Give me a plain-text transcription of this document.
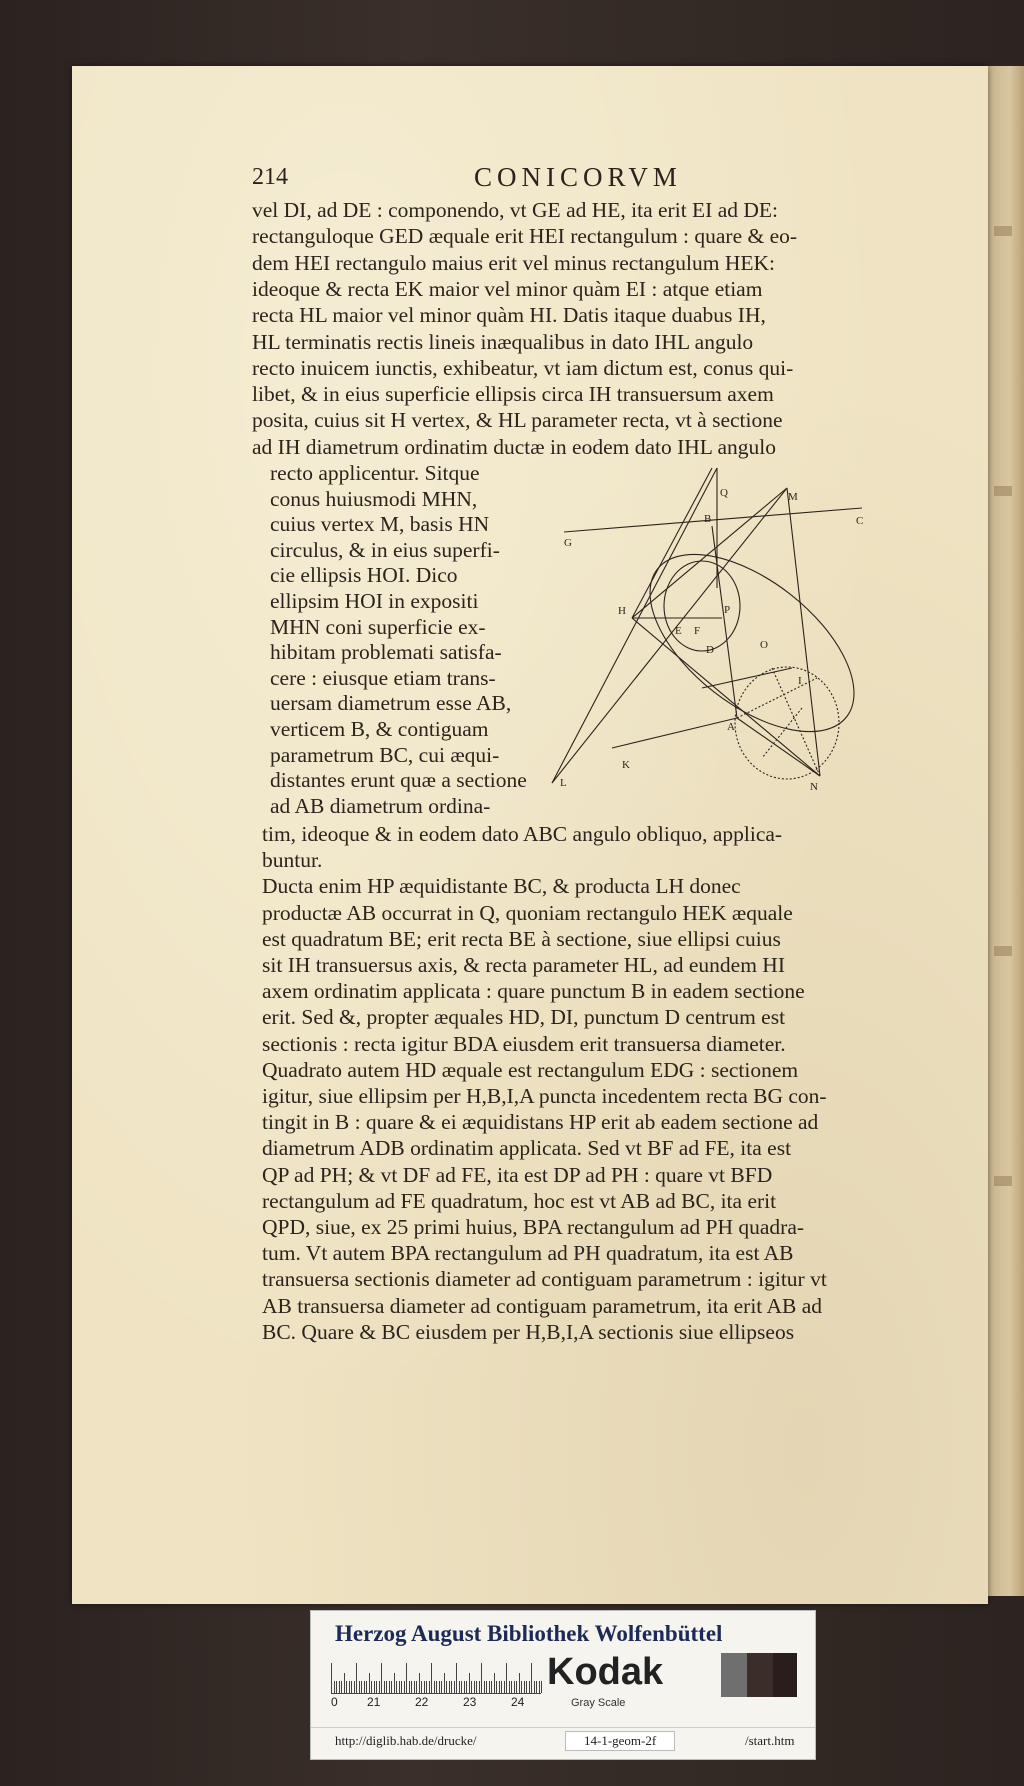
214	CONICORVM
vel DI, ad DE : componendo, vt GE ad HE, ita erit EI ad DE:
rectanguloque GED æquale erit HEI rectangulum : quare & eo-
dem HEI rectangulo maius erit vel minus rectangulum HEK:
ideoque & recta EK maior vel minor quàm EI : atque etiam
recta HL maior vel minor quàm HI. Datis itaque duabus IH,
HL terminatis rectis lineis inæqualibus in dato IHL angulo
recto inuicem iunctis, exhibeatur, vt iam dictum est, conus qui-
libet, & in eius superficie ellipsis circa IH transuersum axem
posita, cuius sit H vertex, & HL parameter recta, vt à sectione
ad IH diametrum ordinatim ductæ in eodem dato IHL angulo
recto applicentur. Sitque
conus huiusmodi MHN,
cuius vertex M, basis HN
circulus, & in eius superfi-
cie ellipsis HOI. Dico
ellipsim HOI in expositi
MHN coni superficie ex-
hibitam problemati satisfa-
cere : eiusque etiam trans-
uersam diametrum esse AB,
verticem B, & contiguam
parametrum BC, cui æqui-
distantes erunt quæ a sectione
ad AB diametrum ordina-
tim, ideoque & in eodem dato ABC angulo obliquo, applica-
buntur.
Ducta enim HP æquidistante BC, & producta LH donec
productæ AB occurrat in Q, quoniam rectangulo HEK æquale
est quadratum BE; erit recta BE à sectione, siue ellipsi cuius
sit IH transuersus axis, & recta parameter HL, ad eundem HI
axem ordinatim applicata : quare punctum B in eadem sectione
erit. Sed &, propter æquales HD, DI, punctum D centrum est
sectionis : recta igitur BDA eiusdem erit transuersa diameter.
Quadrato autem HD æquale est rectangulum EDG : sectionem
igitur, siue ellipsim per H,B,I,A puncta incedentem recta BG con-
tingit in B : quare & ei æquidistans HP erit ab eadem sectione ad
diametrum ADB ordinatim applicata. Sed vt BF ad FE, ita est
QP ad PH; & vt DF ad FE, ita est DP ad PH : quare vt BFD
rectangulum ad FE quadratum, hoc est vt AB ad BC, ita erit
QPD, siue, ex 25 primi huius, BPA rectangulum ad PH quadra-
tum. Vt autem BPA rectangulum ad PH quadratum, ita est AB
transuersa sectionis diameter ad contiguam parametrum : igitur vt
AB transuersa diameter ad contiguam parametrum, ita erit AB ad
BC. Quare & BC eiusdem per H,B,I,A sectionis siue ellipseos
Q	M
B	C
G
H	P
E F
D	O
I
A
K
L	N
Herzog August Bibliothek Wolfenbüttel
0 21	22	23	24
Kodak
Gray Scale
http://diglib.hab.de/drucke/	14-1-geom-2f	/start.htm
